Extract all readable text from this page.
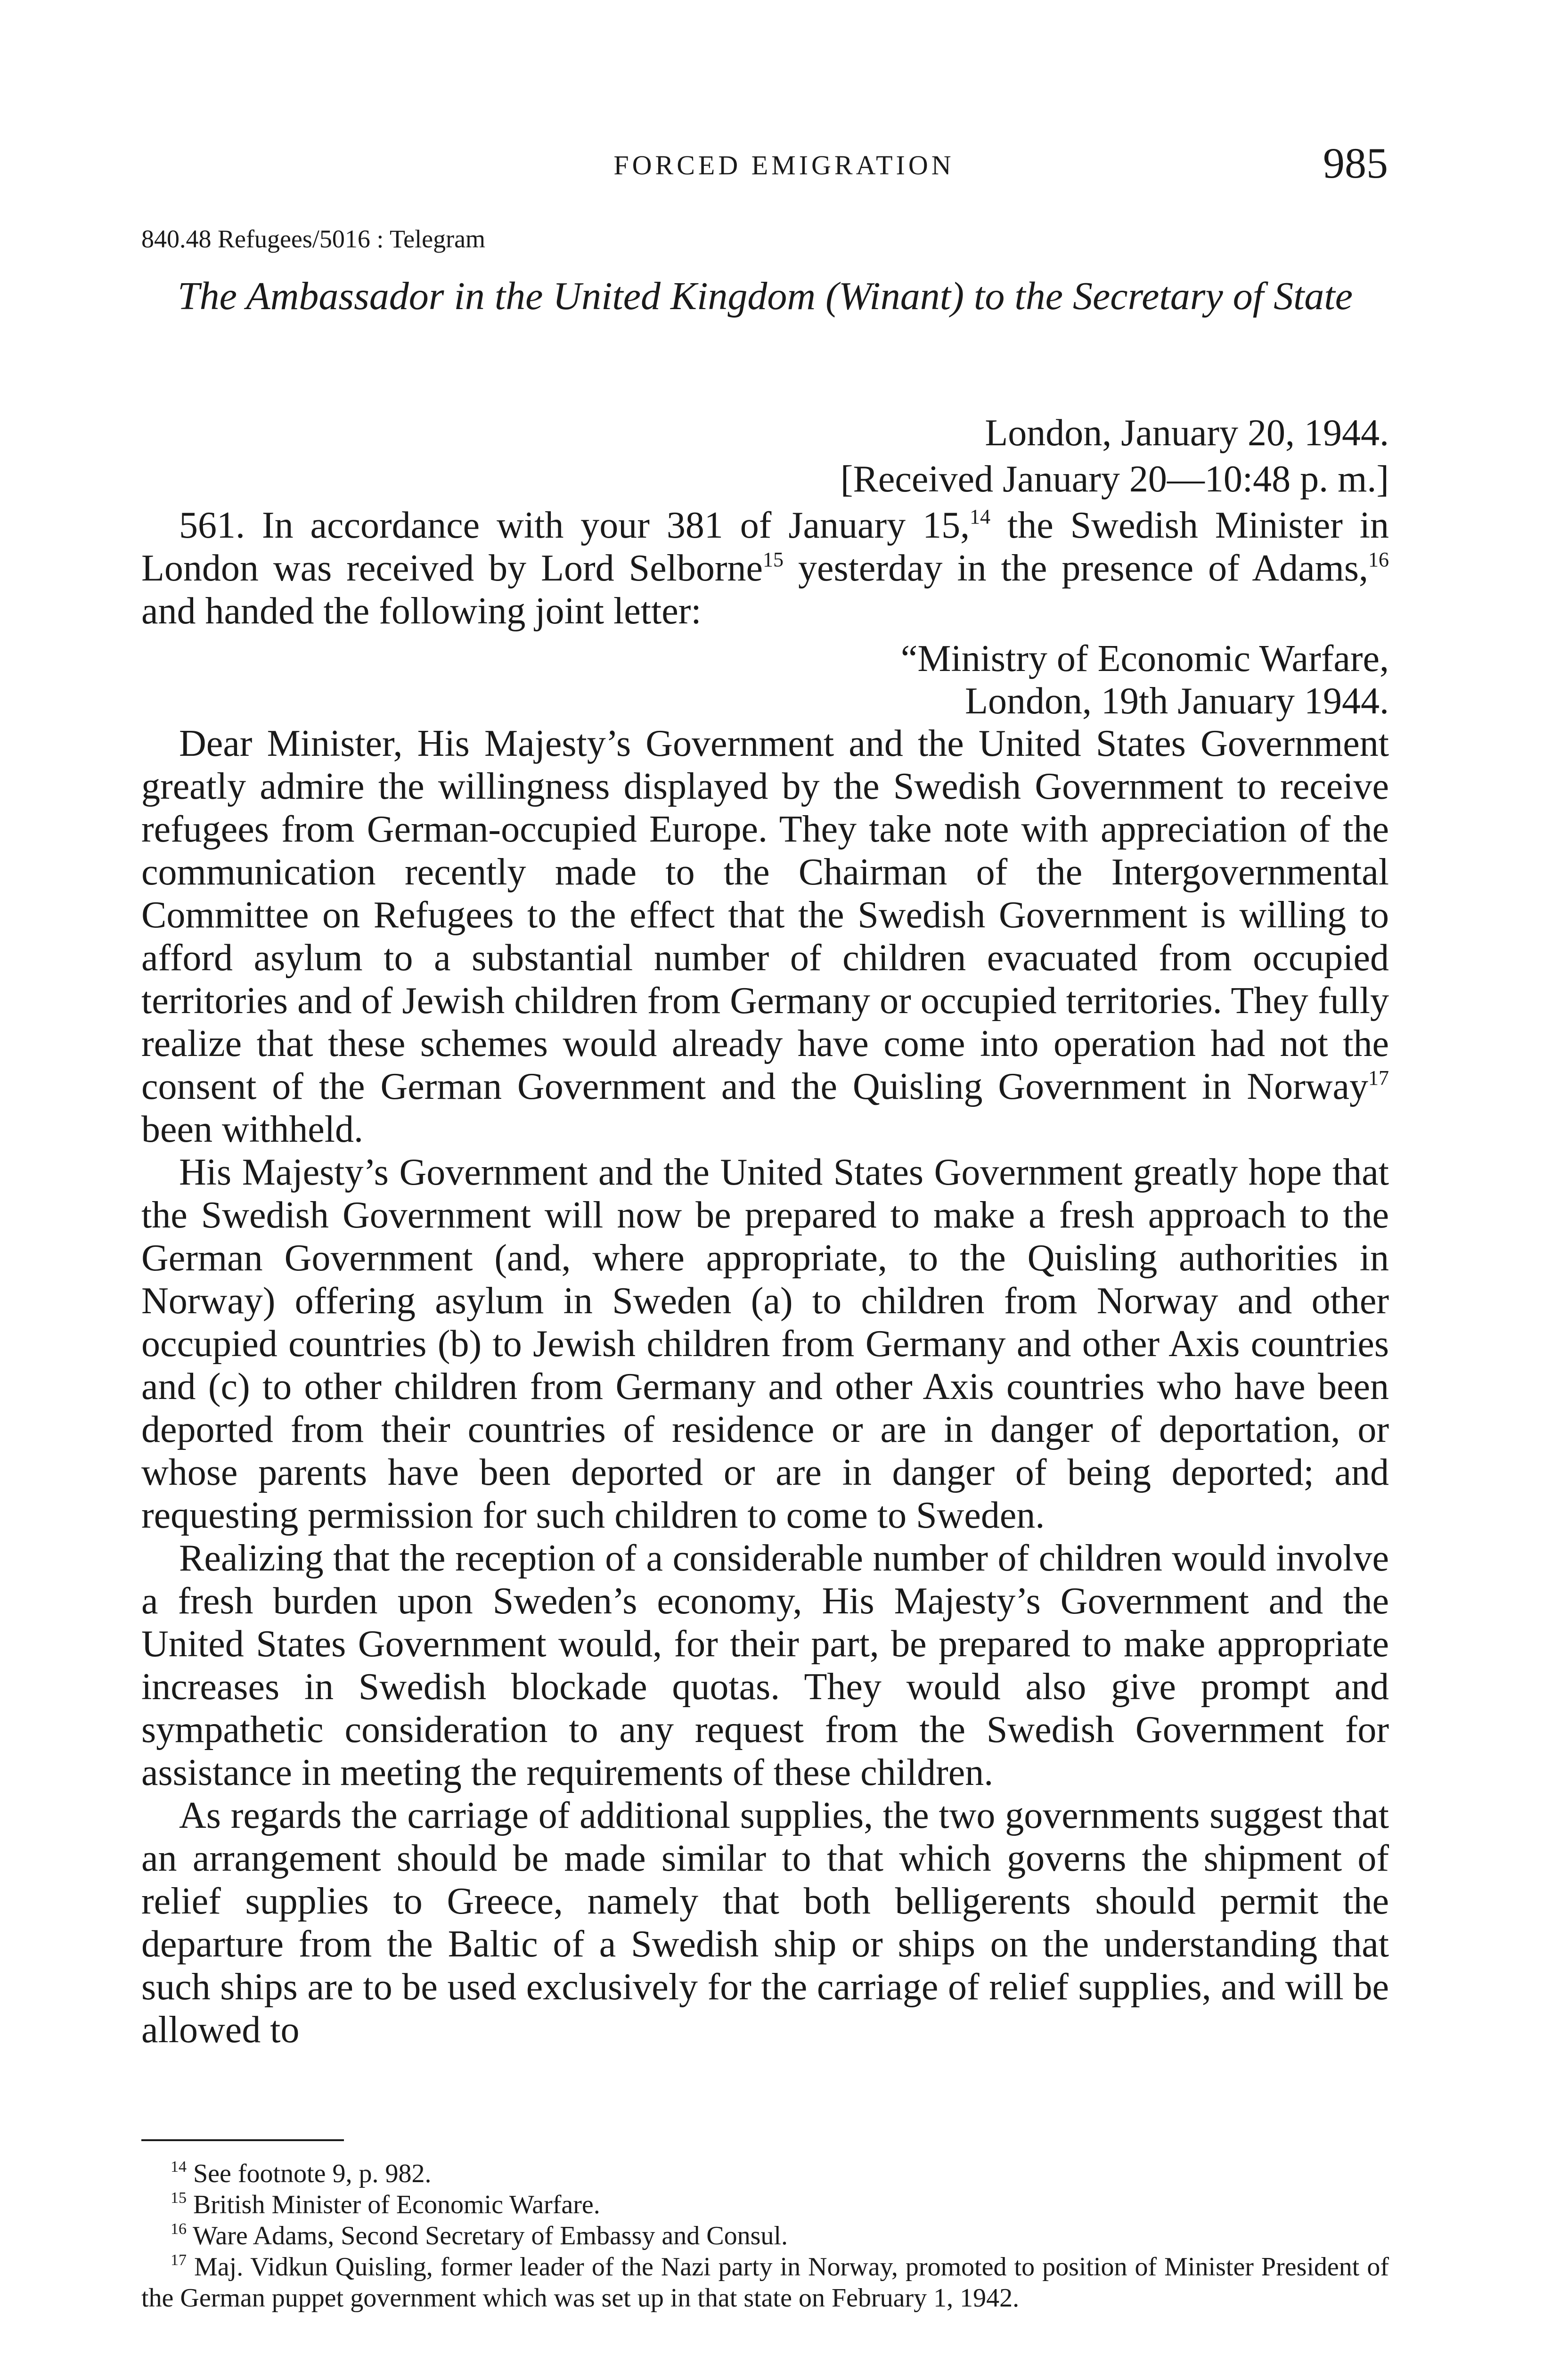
FORCED EMIGRATION	985
840.48 Refugees/5016 : Telegram
The Ambassador in the United Kingdom (Winant) to the Secretary of State
London, January 20, 1944.
[Received January 20—10:48 p. m.]

561. In accordance with your 381 of January 15,14 the Swedish Minister in London was received by Lord Selborne$^{15}$ yesterday in the presence of Adams,$^{16}$ and handed the following joint letter:

“Ministry of Economic Warfare,
London, 19th January 1944.

Dear Minister, His Majesty’s Government and the United States Government greatly admire the willingness displayed by the Swedish Government to receive refugees from German-occupied Europe. They take note with appreciation of the communication recently made to the Chairman of the Intergovernmental Committee on Refugees to the effect that the Swedish Government is willing to afford asylum to a substantial number of children evacuated from occupied territories and of Jewish children from Germany or occupied territories. They fully realize that these schemes would already have come into operation had not the consent of the German Government and the Quisling Government in Norway$^{17}$ been withheld.

His Majesty’s Government and the United States Government greatly hope that the Swedish Government will now be prepared to make a fresh approach to the German Government (and, where appropriate, to the Quisling authorities in Norway) offering asylum in Sweden (a) to children from Norway and other occupied countries (b) to Jewish children from Germany and other Axis countries and (c) to other children from Germany and other Axis countries who have been deported from their countries of residence or are in danger of deportation, or whose parents have been deported or are in danger of being deported; and requesting permission for such children to come to Sweden.

Realizing that the reception of a considerable number of children would involve a fresh burden upon Sweden’s economy, His Majesty’s Government and the United States Government would, for their part, be prepared to make appropriate increases in Swedish blockade quotas. They would also give prompt and sympathetic consideration to any request from the Swedish Government for assistance in meeting the requirements of these children.

As regards the carriage of additional supplies, the two governments suggest that an arrangement should be made similar to that which governs the shipment of relief supplies to Greece, namely that both belligerents should permit the departure from the Baltic of a Swedish ship or ships on the understanding that such ships are to be used exclusively for the carriage of relief supplies, and will be allowed to

$^{14}$ See footnote 9, p. 982.

$^{15}$ British Minister of Economic Warfare.

$^{16}$ Ware Adams, Second Secretary of Embassy and Consul.

$^{17}$ Maj. Vidkun Quisling, former leader of the Nazi party in Norway, promoted to position of Minister President of the German puppet government which was set up in that state on February 1, 1942.
